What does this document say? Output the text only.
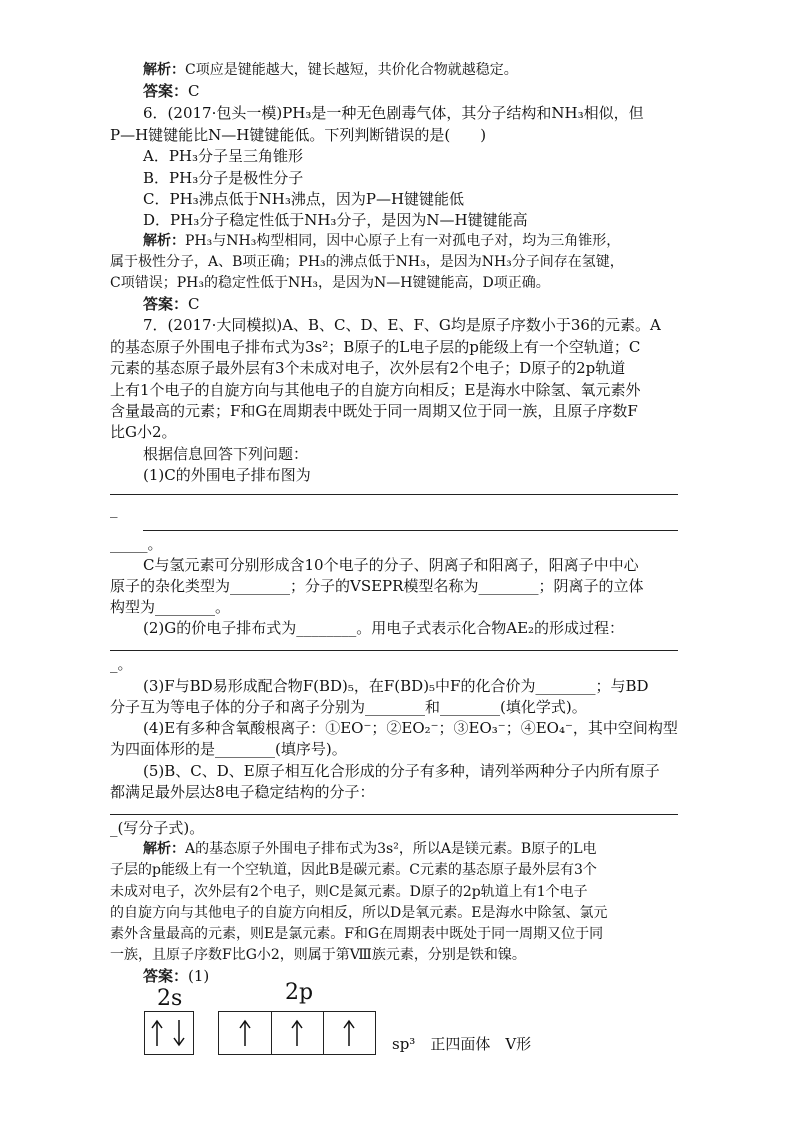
解析：C项应是键能越大，键长越短，共价化合物就越稳定。
答案：C
6．(2017·包头一模)PH₃是一种无色剧毒气体，其分子结构和NH₃相似，但
P—H键键能比N—H键键能低。下列判断错误的是(　　)
A．PH₃分子呈三角锥形
B．PH₃分子是极性分子
C．PH₃沸点低于NH₃沸点，因为P—H键键能低
D．PH₃分子稳定性低于NH₃分子，是因为N—H键键能高
解析：PH₃与NH₃构型相同，因中心原子上有一对孤电子对，均为三角锥形，
属于极性分子，A、B项正确；PH₃的沸点低于NH₃，是因为NH₃分子间存在氢键，
C项错误；PH₃的稳定性低于NH₃，是因为N—H键键能高，D项正确。
答案：C
7．(2017·大同模拟)A、B、C、D、E、F、G均是原子序数小于36的元素。A
的基态原子外围电子排布式为3s²；B原子的L电子层的p能级上有一个空轨道；C
元素的基态原子最外层有3个未成对电子，次外层有2个电子；D原子的2p轨道
上有1个电子的自旋方向与其他电子的自旋方向相反；E是海水中除氢、氧元素外
含量最高的元素；F和G在周期表中既处于同一周期又位于同一族，且原子序数F
比G小2。
根据信息回答下列问题：
(1)C的外围电子排布图为
_
_____。
C与氢元素可分别形成含10个电子的分子、阴离子和阳离子，阳离子中中心
原子的杂化类型为________；分子的VSEPR模型名称为________；阴离子的立体
构型为________。
(2)G的价电子排布式为________。用电子式表示化合物AE₂的形成过程：
_。
(3)F与BD易形成配合物F(BD)₅，在F(BD)₅中F的化合价为________；与BD
分子互为等电子体的分子和离子分别为________和________(填化学式)。
(4)E有多种含氧酸根离子：①EO⁻；②EO₂⁻；③EO₃⁻；④EO₄⁻，其中空间构型
为四面体形的是________(填序号)。
(5)B、C、D、E原子相互化合形成的分子有多种，请列举两种分子内所有原子
都满足最外层达8电子稳定结构的分子：
_(写分子式)。
解析：A的基态原子外围电子排布式为3s²，所以A是镁元素。B原子的L电
子层的p能级上有一个空轨道，因此B是碳元素。C元素的基态原子最外层有3个
未成对电子，次外层有2个电子，则C是氮元素。D原子的2p轨道上有1个电子
的自旋方向与其他电子的自旋方向相反，所以D是氧元素。E是海水中除氢、氯元
素外含量最高的元素，则E是氯元素。F和G在周期表中既处于同一周期又位于同
一族，且原子序数F比G小2，则属于第Ⅷ族元素，分别是铁和镍。
答案：(1)
2s	2p
sp³　正四面体　V形
